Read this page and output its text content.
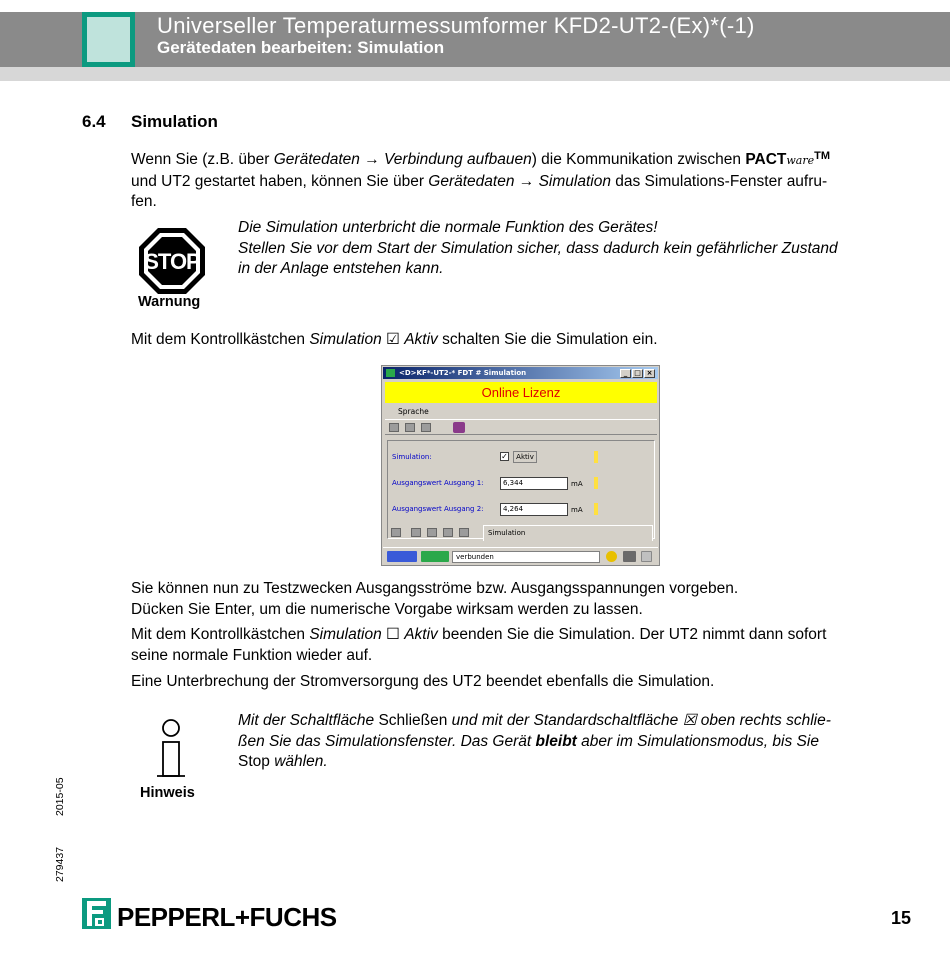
Universeller Temperaturmessumformer KFD2-UT2-(Ex)*(-1)
Gerätedaten bearbeiten: Simulation
6.4 Simulation
Wenn Sie (z.B. über Gerätedaten → Verbindung aufbauen) die Kommunikation zwischen PACTware™
und UT2 gestartet haben, können Sie über Gerätedaten → Simulation das Simulations-Fenster aufru-
fen.
STOP
Warnung
Die Simulation unterbricht die normale Funktion des Gerätes!
Stellen Sie vor dem Start der Simulation sicher, dass dadurch kein gefährlicher Zustand
in der Anlage entstehen kann.
Mit dem Kontrollkästchen Simulation ☑ Aktiv schalten Sie die Simulation ein.
<D>KF*-UT2-* FDT # Simulation	_ □ ×
Online Lizenz
Sprache
Simulation:	✓	Aktiv
Ausgangswert Ausgang 1:	6,344	mA
Ausgangswert Ausgang 2:	4,264	mA
Simulation
verbunden
Sie können nun zu Testzwecken Ausgangsströme bzw. Ausgangsspannungen vorgeben.
Dücken Sie Enter, um die numerische Vorgabe wirksam werden zu lassen.
Mit dem Kontrollkästchen Simulation ☐ Aktiv beenden Sie die Simulation. Der UT2 nimmt dann sofort
seine normale Funktion wieder auf.
Eine Unterbrechung der Stromversorgung des UT2 beendet ebenfalls die Simulation.
Hinweis
Mit der Schaltfläche Schließen und mit der Standardschaltfläche ☒ oben rechts schlie-
ßen Sie das Simulationsfenster. Das Gerät bleibt aber im Simulationsmodus, bis Sie
Stop wählen.
2015-05
279437
PEPPERL+FUCHS	15
